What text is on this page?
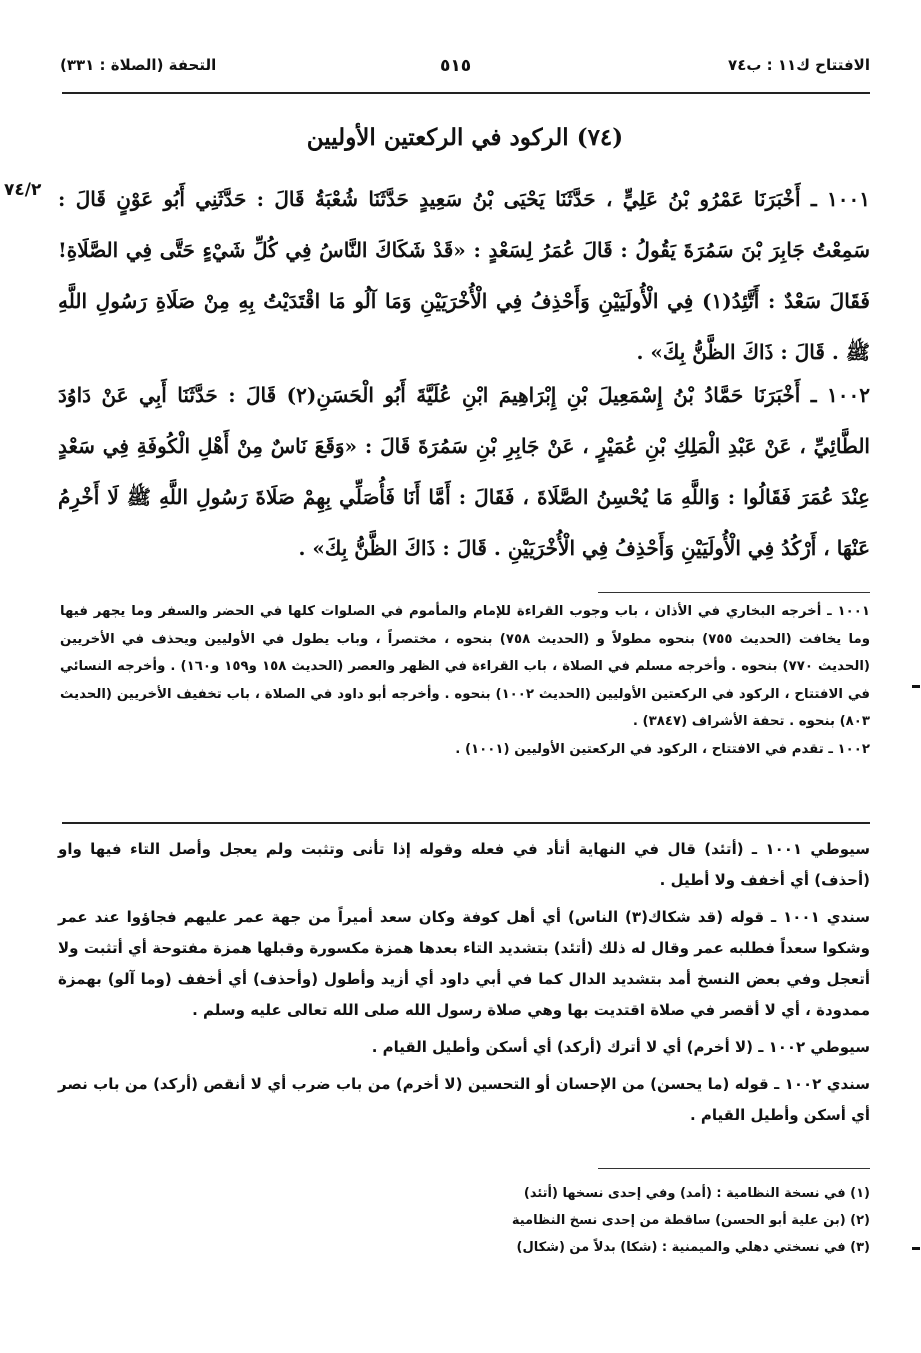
الافتتاح ك١١ : ب٧٤
٥١٥
التحفة (الصلاة : ٣٣١)
(٧٤) الركود في الركعتين الأوليين
٧٤/٢ ١٠٠١ ـ أَخْبَرَنَا عَمْرُو بْنُ عَلِيٍّ ، حَدَّثَنَا يَحْيَى بْنُ سَعِيدٍ حَدَّثَنَا شُعْبَةُ قَالَ : حَدَّثَنِي أَبُو عَوْنٍ قَالَ : سَمِعْتُ جَابِرَ بْنَ سَمُرَةَ يَقُولُ : قَالَ عُمَرُ لِسَعْدٍ : «قَدْ شَكَاكَ النَّاسُ فِي كُلِّ شَيْءٍ حَتَّى فِي الصَّلَاةِ! فَقَالَ سَعْدٌ : أَتَّئِدُ(١) فِي الْأُولَيَيْنِ وَأَحْذِفُ فِي الْأُخْرَيَيْنِ وَمَا آلُو مَا اقْتَدَيْتُ بِهِ مِنْ صَلَاةِ رَسُولِ اللَّهِ ﷺ . قَالَ : ذَاكَ الظَّنُّ بِكَ» .
١٠٠٢ ـ أَخْبَرَنَا حَمَّادُ بْنُ إِسْمَعِيلَ بْنِ إِبْرَاهِيمَ ابْنِ عُلَيَّةَ أَبُو الْحَسَنِ(٢) قَالَ : حَدَّثَنَا أَبِي عَنْ دَاوُدَ الطَّائِيِّ ، عَنْ عَبْدِ الْمَلِكِ بْنِ عُمَيْرٍ ، عَنْ جَابِرِ بْنِ سَمُرَةَ قَالَ : «وَقَعَ نَاسٌ مِنْ أَهْلِ الْكُوفَةِ فِي سَعْدٍ عِنْدَ عُمَرَ فَقَالُوا : وَاللَّهِ مَا يُحْسِنُ الصَّلَاةَ ، فَقَالَ : أَمَّا أَنَا فَأُصَلِّي بِهِمْ صَلَاةَ رَسُولِ اللَّهِ ﷺ لَا أَخْرِمُ عَنْهَا ، أَرْكُدُ فِي الْأُولَيَيْنِ وَأَحْذِفُ فِي الْأُخْرَيَيْنِ . قَالَ : ذَاكَ الظَّنُّ بِكَ» .

١٠٠١ ـ أخرجه البخاري في الأذان ، باب وجوب القراءة للإمام والمأموم في الصلوات كلها في الحضر والسفر وما يجهر فيها وما يخافت (الحديث ٧٥٥) بنحوه مطولاً و (الحديث ٧٥٨) بنحوه ، مختصراً ، وباب يطول في الأوليين ويحذف في الأخريين (الحديث ٧٧٠) بنحوه . وأخرجه مسلم في الصلاة ، باب القراءة في الظهر والعصر (الحديث ١٥٨ و١٥٩ و١٦٠) . وأخرجه النسائي في الافتتاح ، الركود في الركعتين الأوليين (الحديث ١٠٠٢) بنحوه . وأخرجه أبو داود في الصلاة ، باب تخفيف الأخريين (الحديث ٨٠٣) بنحوه . تحفة الأشراف (٣٨٤٧) .

١٠٠٢ ـ تقدم في الافتتاح ، الركود في الركعتين الأوليين (١٠٠١) .

سيوطي ١٠٠١ ـ (أتئد) قال في النهاية أتأد في فعله وقوله إذا تأنى وتثبت ولم يعجل وأصل التاء فيها واو (أحذف) أي أخفف ولا أطيل .

سندي ١٠٠١ ـ قوله (قد شكاك(٣) الناس) أي أهل كوفة وكان سعد أميراً من جهة عمر عليهم فجاؤوا عند عمر وشكوا سعداً فطلبه عمر وقال له ذلك (أتئد) بتشديد التاء بعدها همزة مكسورة وقبلها همزة مفتوحة أي أتثبت ولا أتعجل وفي بعض النسخ أمد بتشديد الدال كما في أبي داود أي أزيد وأطول (وأحذف) أي أخفف (وما آلو) بهمزة ممدودة ، أي لا أقصر في صلاة اقتديت بها وهي صلاة رسول الله صلى الله تعالى عليه وسلم .

سيوطي ١٠٠٢ ـ (لا أخرم) أي لا أترك (أركد) أي أسكن وأطيل القيام .

سندي ١٠٠٢ ـ قوله (ما يحسن) من الإحسان أو التحسين (لا أخرم) من باب ضرب أي لا أنقص (أركد) من باب نصر أي أسكن وأطيل القيام .

(١) في نسخة النظامية : (أمد) وفي إحدى نسخها (أتئد)

(٢) (بن علية أبو الحسن) ساقطة من إحدى نسخ النظامية

(٣) في نسختي دهلي والميمنية : (شكا) بدلاً من (شكال)
